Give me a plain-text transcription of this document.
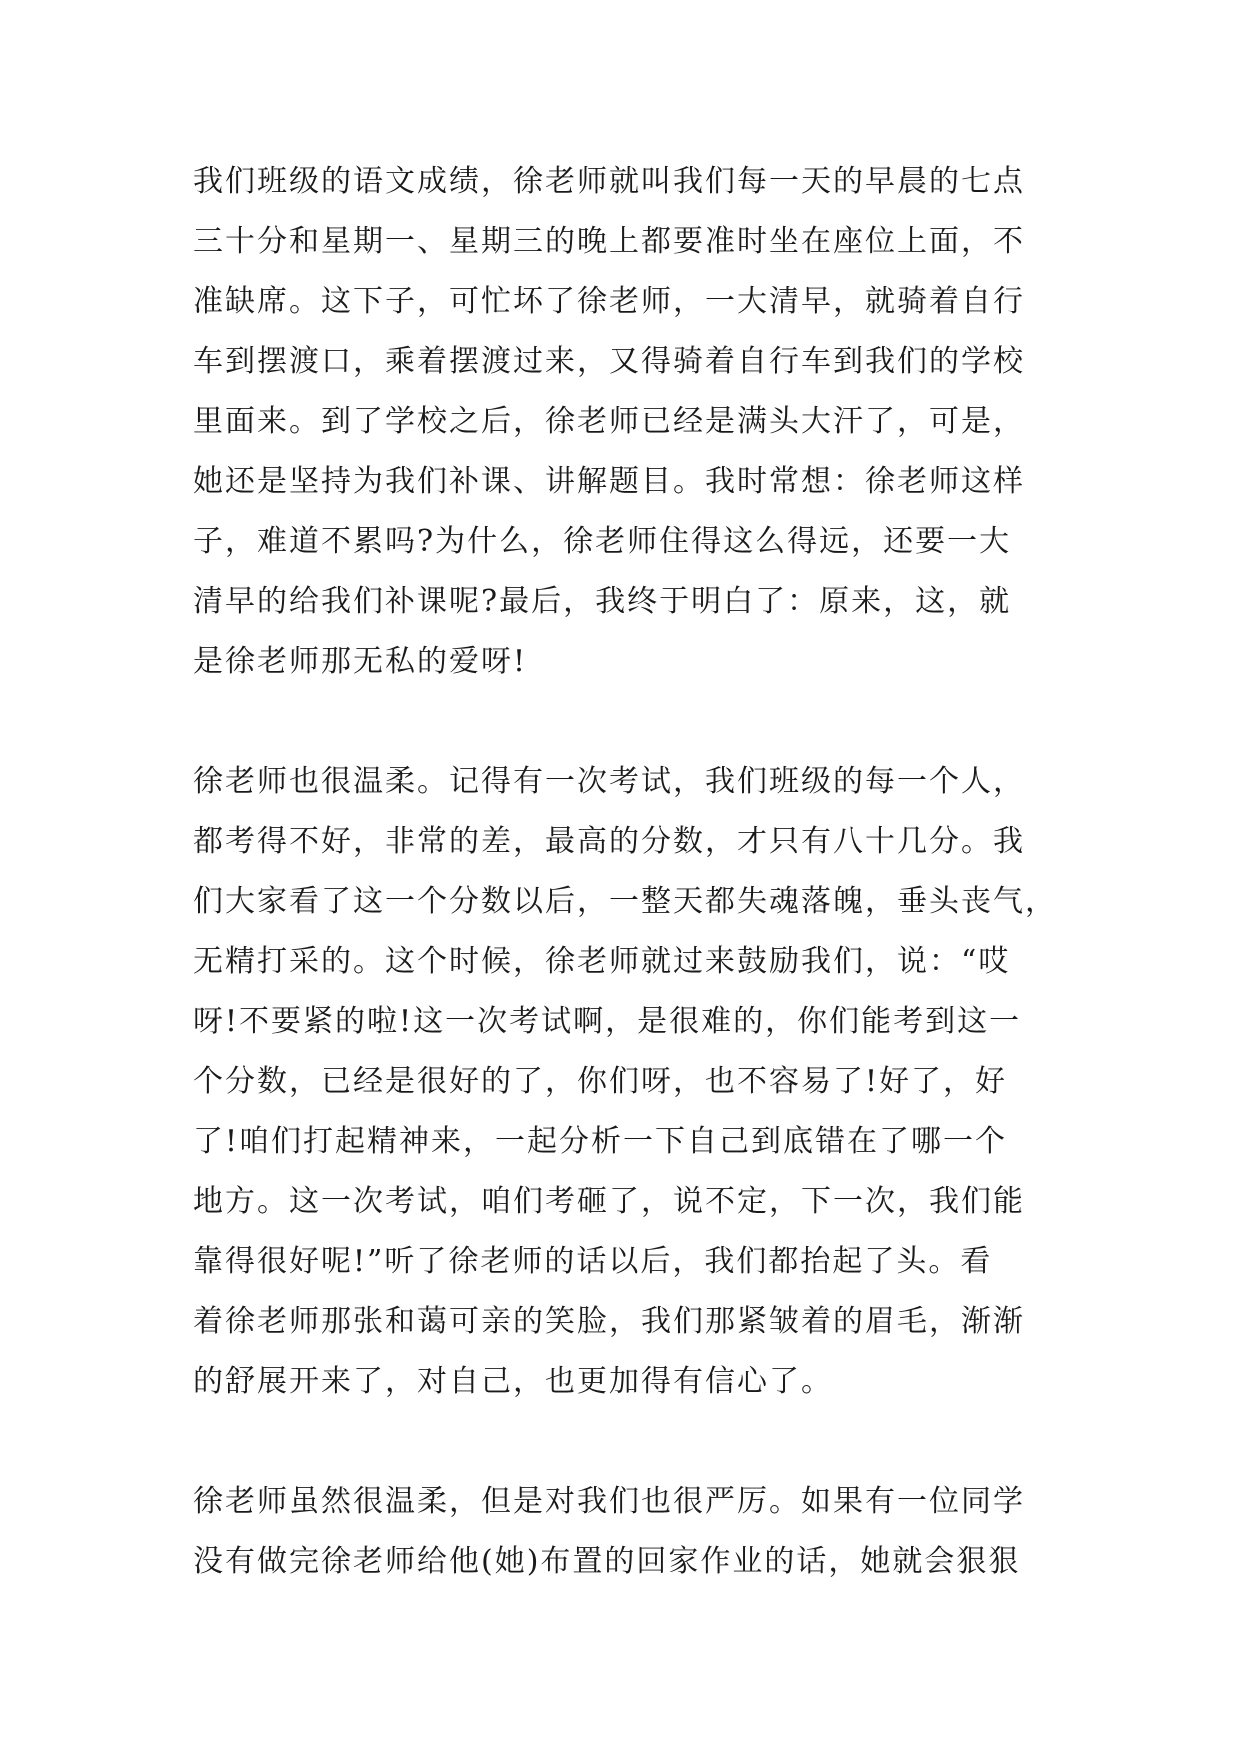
我们班级的语文成绩，徐老师就叫我们每一天的早晨的七点
三十分和星期一、星期三的晚上都要准时坐在座位上面，不
准缺席。这下子，可忙坏了徐老师，一大清早，就骑着自行
车到摆渡口，乘着摆渡过来，又得骑着自行车到我们的学校
里面来。到了学校之后，徐老师已经是满头大汗了，可是，
她还是坚持为我们补课、讲解题目。我时常想：徐老师这样
子，难道不累吗?为什么，徐老师住得这么得远，还要一大
清早的给我们补课呢?最后，我终于明白了：原来，这，就
是徐老师那无私的爱呀!

徐老师也很温柔。记得有一次考试，我们班级的每一个人，
都考得不好，非常的差，最高的分数，才只有八十几分。我
们大家看了这一个分数以后，一整天都失魂落魄，垂头丧气，
无精打采的。这个时候，徐老师就过来鼓励我们，说：“哎
呀!不要紧的啦!这一次考试啊，是很难的，你们能考到这一
个分数，已经是很好的了，你们呀，也不容易了!好了，好
了!咱们打起精神来，一起分析一下自己到底错在了哪一个
地方。这一次考试，咱们考砸了，说不定，下一次，我们能
靠得很好呢!”听了徐老师的话以后，我们都抬起了头。看
着徐老师那张和蔼可亲的笑脸，我们那紧皱着的眉毛，渐渐
的舒展开来了，对自己，也更加得有信心了。

徐老师虽然很温柔，但是对我们也很严厉。如果有一位同学
没有做完徐老师给他(她)布置的回家作业的话，她就会狠狠
